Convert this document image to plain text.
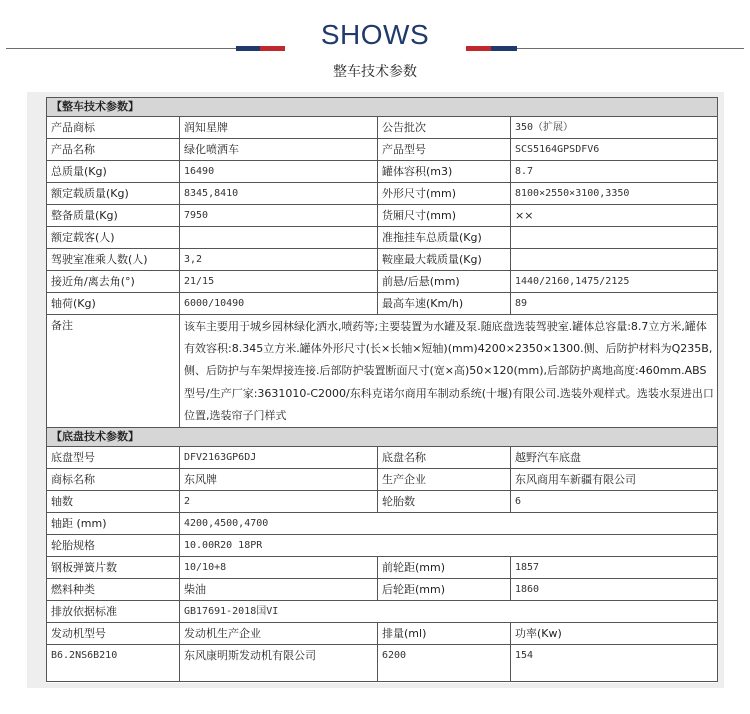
SHOWS
整车技术参数
【整车技术参数】			
产品商标	润知星牌	公告批次	350（扩展）
产品名称	绿化喷洒车	产品型号	SCS5164GPSDFV6
总质量(Kg)	16490	罐体容积(m3)	8.7
额定载质量(Kg)	8345,8410	外形尺寸(mm)	8100×2550×3100,3350
整备质量(Kg)	7950	货厢尺寸(mm)	××
额定载客(人)		准拖挂车总质量(Kg)	
驾驶室准乘人数(人)	3,2	鞍座最大载质量(Kg)	
接近角/离去角(°)	21/15	前悬/后悬(mm)	1440/2160,1475/2125
轴荷(Kg)	6000/10490	最高车速(Km/h)	89
备注	该车主要用于城乡园林绿化洒水,喷药等;主要装置为水罐及泵.随底盘选装驾驶室.罐体总容量:8.7立方米,罐体有效容积:8.345立方米.罐体外形尺寸(长×长轴×短轴)(mm)4200×2350×1300.侧、后防护材料为Q235B,侧、后防护与车架焊接连接.后部防护装置断面尺寸(宽×高)50×120(mm),后部防护离地高度:460mm.ABS型号/生产厂家:3631010-C2000/东科克诺尔商用车制动系统(十堰)有限公司.选装外观样式。选装水泵进出口位置,选装帘子门样式		
【底盘技术参数】			
底盘型号	DFV2163GP6DJ	底盘名称	越野汽车底盘
商标名称	东风牌	生产企业	东风商用车新疆有限公司
轴数	2	轮胎数	6
轴距 (mm)	4200,4500,4700		
轮胎规格	10.00R20 18PR		
钢板弹簧片数	10/10+8	前轮距(mm)	1857
燃料种类	柴油	后轮距(mm)	1860
排放依据标准	GB17691-2018国VI		
发动机型号	发动机生产企业	排量(ml)	功率(Kw)
B6.2NS6B210	东风康明斯发动机有限公司	6200	154
